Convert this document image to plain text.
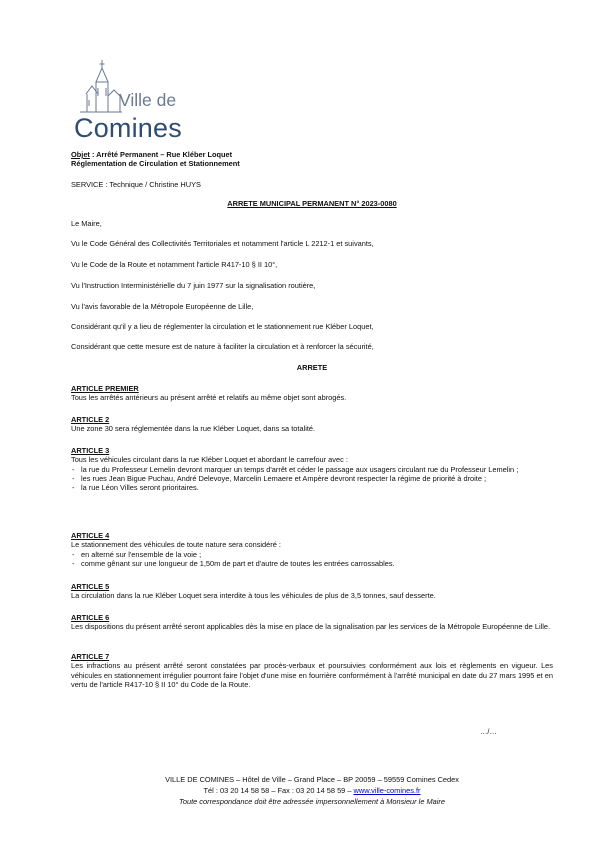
Ville de
Comines
Objet : Arrêté Permanent – Rue Kléber Loquet
Réglementation de Circulation et Stationnement
SERVICE : Technique / Christine HUYS
ARRETE MUNICIPAL PERMANENT N° 2023-0080
Le Maire,
Vu le Code Général des Collectivités Territoriales et notamment l'article L 2212-1 et suivants,
Vu le Code de la Route et notamment l'article R417-10 § II 10°,
Vu l'Instruction Interministérielle du 7 juin 1977 sur la signalisation routière,
Vu l'avis favorable de la Métropole Européenne de Lille,
Considérant qu'il y a lieu de réglementer la circulation et le stationnement rue Kléber Loquet,
Considérant que cette mesure est de nature à faciliter la circulation et à renforcer la sécurité,
ARRETE
ARTICLE PREMIER
Tous les arrêtés antérieurs au présent arrêté et relatifs au même objet sont abrogés.
ARTICLE 2
Une zone 30 sera réglementée dans la rue Kléber Loquet, dans sa totalité.
ARTICLE 3
Tous les véhicules circulant dans la rue Kléber Loquet et abordant le carrefour avec :
- la rue du Professeur Lemelin devront marquer un temps d'arrêt et céder le passage aux usagers circulant rue du Professeur Lemelin ;
- les rues Jean Bigue Puchau, André Delevoye, Marcelin Lemaere et Ampère devront respecter la régime de priorité à droite ;
- la rue Léon Villes seront prioritaires.
ARTICLE 4
Le stationnement des véhicules de toute nature sera considéré :
- en alterné sur l'ensemble de la voie ;
- comme gênant sur une longueur de 1,50m de part et d'autre de toutes les entrées carrossables.
ARTICLE 5
La circulation dans la rue Kléber Loquet sera interdite à tous les véhicules de plus de 3,5 tonnes, sauf desserte.
ARTICLE 6
Les dispositions du présent arrêté seront applicables dès la mise en place de la signalisation par les services de la Métropole Européenne de Lille.
ARTICLE 7
Les infractions au présent arrêté seront constatées par procès-verbaux et poursuivies conformément aux lois et règlements en vigueur. Les véhicules en stationnement irrégulier pourront faire l'objet d'une mise en fourrière conformément à l'arrêté municipal en date du 27 mars 1995 et en vertu de l'article R417-10 § II 10° du Code de la Route.
…/…
VILLE DE COMINES – Hôtel de Ville – Grand Place – BP 20059 – 59559 Comines Cedex
Tél : 03 20 14 58 58 – Fax : 03 20 14 58 59 – www.ville-comines.fr
Toute correspondance doit être adressée impersonnellement à Monsieur le Maire
